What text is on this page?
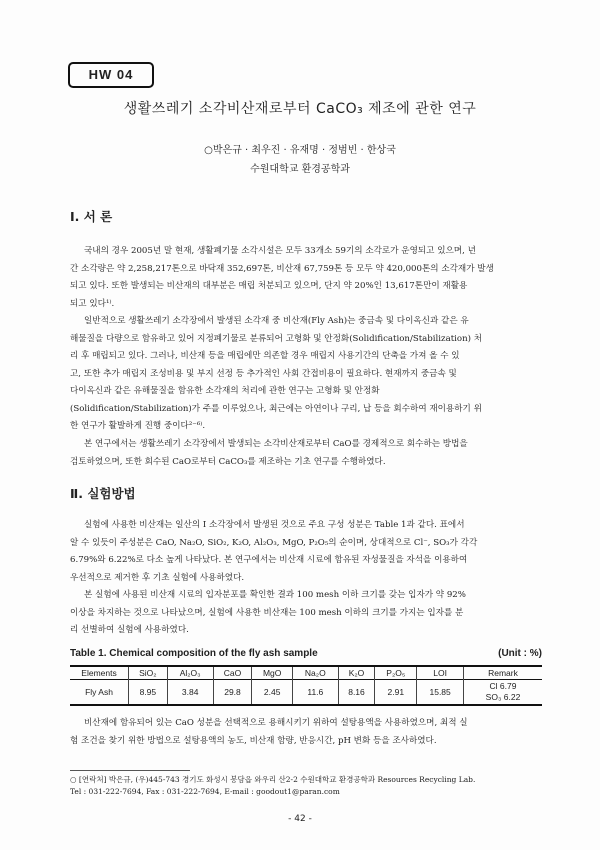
HW 04
생활쓰레기 소각비산재로부터 CaCO₃ 제조에 관한 연구
○박은규 · 최우진 · 유재명 · 정범빈 · 한상국
수원대학교 환경공학과
Ⅰ. 서 론
국내의 경우 2005년 말 현재, 생활폐기물 소각시설은 모두 33개소 59기의 소각로가 운영되고 있으며, 년
간 소각량은 약 2,258,217톤으로 바닥재 352,697톤, 비산재 67,759톤 등 모두 약 420,000톤의 소각재가 발생
되고 있다. 또한 발생되는 비산재의 대부분은 매립 처분되고 있으며, 단지 약 20%인 13,617톤만이 재활용
되고 있다¹⁾.
일반적으로 생활쓰레기 소각장에서 발생된 소각재 중 비산재(Fly Ash)는 중금속 및 다이옥신과 같은 유
해물질을 다량으로 함유하고 있어 지정폐기물로 분류되어 고형화 및 안정화(Solidification/Stabilization) 처
리 후 매립되고 있다. 그러나, 비산재 등을 매립에만 의존할 경우 매립지 사용기간의 단축을 가져 올 수 있
고, 또한 추가 매립지 조성비용 및 부지 선정 등 추가적인 사회 간접비용이 필요하다. 현재까지 중금속 및
다이옥신과 같은 유해물질을 함유한 소각재의 처리에 관한 연구는 고형화 및 안정화
(Solidification/Stabilization)가 주를 이루었으나, 최근에는 아연이나 구리, 납 등을 회수하여 재이용하기 위
한 연구가 활발하게 진행 중이다²⁻⁶⁾.
본 연구에서는 생활쓰레기 소각장에서 발생되는 소각비산재로부터 CaO를 경제적으로 회수하는 방법을
검토하였으며, 또한 회수된 CaO로부터 CaCO₃를 제조하는 기초 연구를 수행하였다.
Ⅱ. 실험방법
실험에 사용한 비산재는 일산의 I 소각장에서 발생된 것으로 주요 구성 성분은 Table 1과 같다. 표에서
알 수 있듯이 주성분은 CaO, Na₂O, SiO₂, K₂O, Al₂O₃, MgO, P₂O₅의 순이며, 상대적으로 Cl⁻, SO₃가 각각
6.79%와 6.22%로 다소 높게 나타났다. 본 연구에서는 비산재 시료에 함유된 자성물질을 자석을 이용하여
우선적으로 제거한 후 기초 실험에 사용하였다.
본 실험에 사용된 비산재 시료의 입자분포를 확인한 결과 100 mesh 이하 크기를 갖는 입자가 약 92%
이상을 차지하는 것으로 나타났으며, 실험에 사용한 비산재는 100 mesh 이하의 크기를 가지는 입자를 분
리 선별하여 실험에 사용하였다.
Table 1. Chemical composition of the fly ash sample	(Unit : %)
Elements	SiO₂	Al₂O₃	CaO	MgO	Na₂O	K₂O	P₂O₅	LOI	Remark
Fly Ash	8.95	3.84	29.8	2.45	11.6	8.16	2.91	15.85	Cl 6.79
SO₃ 6.22
비산재에 함유되어 있는 CaO 성분을 선택적으로 용해시키기 위하여 설탕용액을 사용하였으며, 최적 실
험 조건을 찾기 위한 방법으로 설탕용액의 농도, 비산재 함량, 반응시간, pH 변화 등을 조사하였다.
○ [연락처] 박은규, (우)445-743 경기도 화성시 봉담읍 와우리 산2-2 수원대학교 환경공학과 Resources Recycling Lab.
Tel : 031-222-7694, Fax : 031-222-7694, E-mail : goodout1@paran.com
- 42 -
